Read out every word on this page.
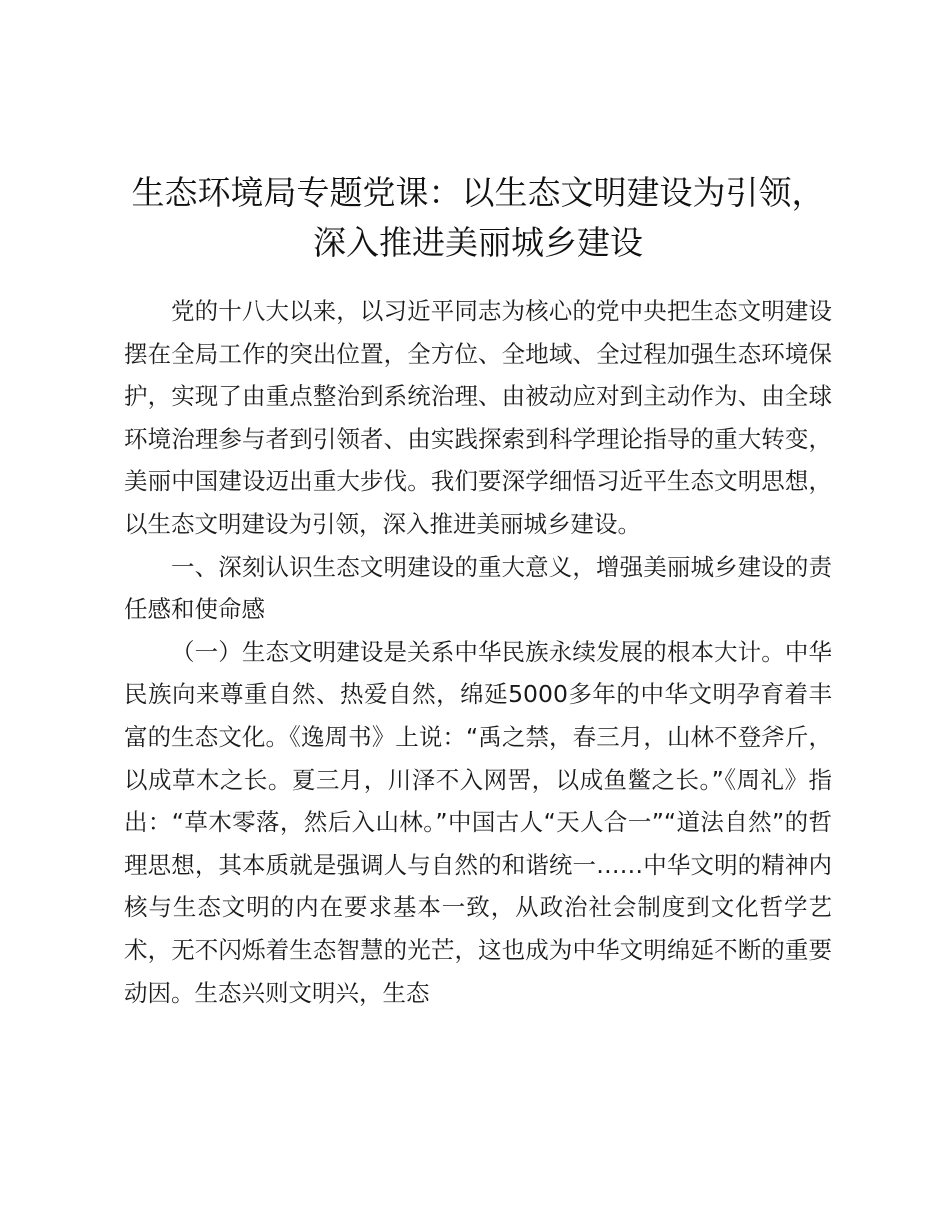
生态环境局专题党课：以生态文明建设为引领，深入推进美丽城乡建设

党的十八大以来，以习近平同志为核心的党中央把生态文明建设摆在全局工作的突出位置，全方位、全地域、全过程加强生态环境保护，实现了由重点整治到系统治理、由被动应对到主动作为、由全球环境治理参与者到引领者、由实践探索到科学理论指导的重大转变，美丽中国建设迈出重大步伐。我们要深学细悟习近平生态文明思想，以生态文明建设为引领，深入推进美丽城乡建设。

一、深刻认识生态文明建设的重大意义，增强美丽城乡建设的责任感和使命感

（一）生态文明建设是关系中华民族永续发展的根本大计。中华民族向来尊重自然、热爱自然，绵延5000多年的中华文明孕育着丰富的生态文化。《逸周书》上说：“禹之禁，春三月，山林不登斧斤，以成草木之长。夏三月，川泽不入网罟，以成鱼鳖之长。”《周礼》指出：“草木零落，然后入山林。”中国古人“天人合一”“道法自然”的哲理思想，其本质就是强调人与自然的和谐统一……中华文明的精神内核与生态文明的内在要求基本一致，从政治社会制度到文化哲学艺术，无不闪烁着生态智慧的光芒，这也成为中华文明绵延不断的重要动因。生态兴则文明兴，生态
